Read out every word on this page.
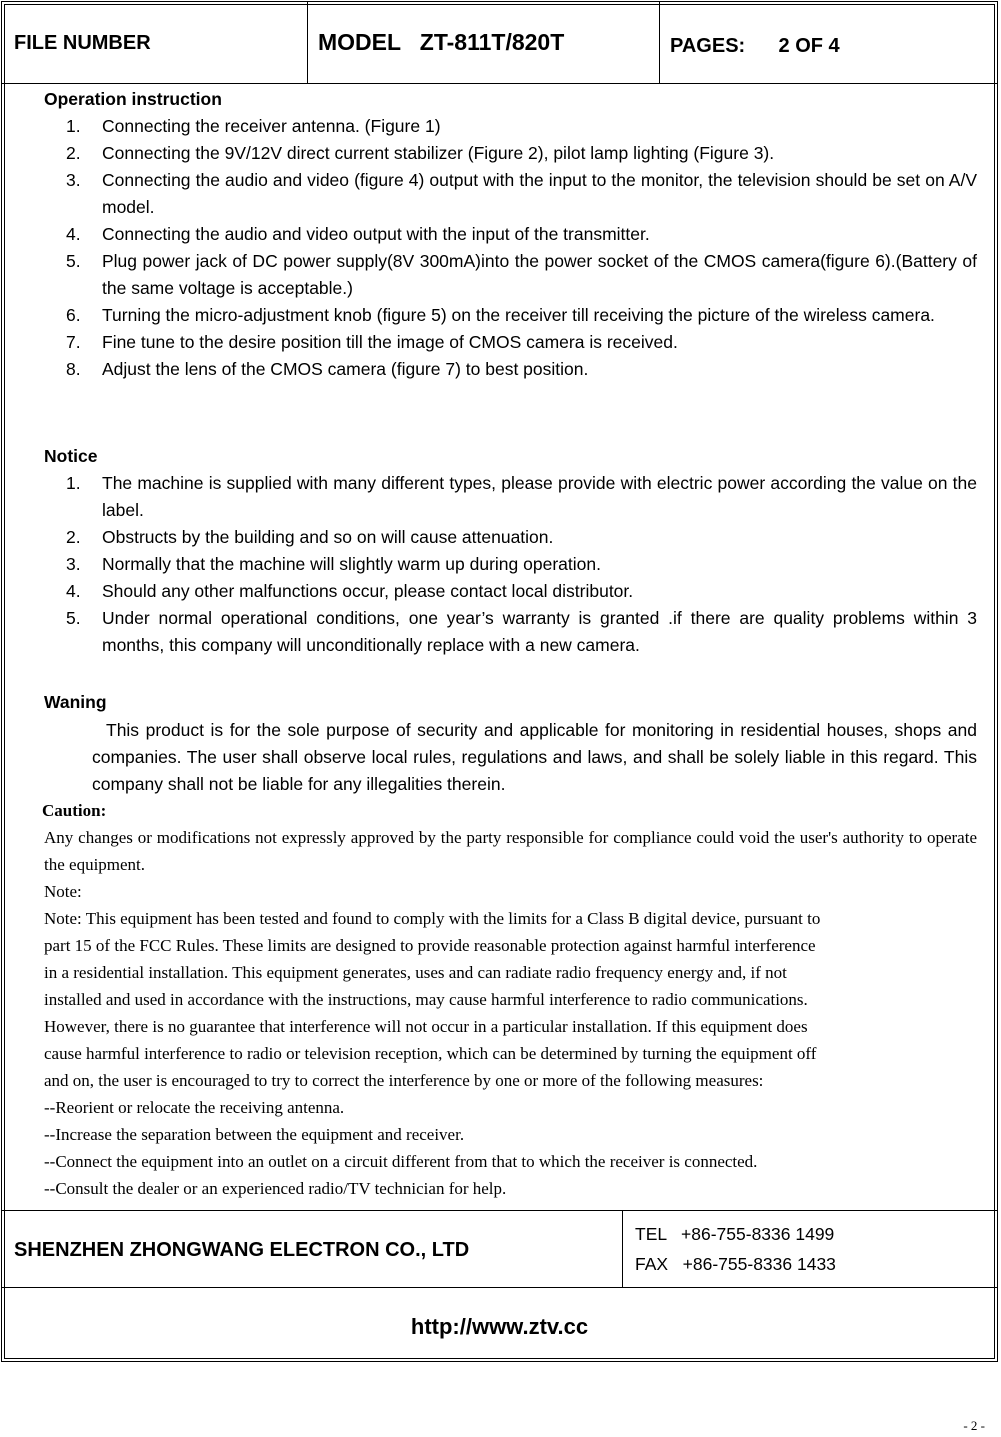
FILE NUMBER	MODEL   ZT-811T/820T	PAGES:      2 OF 4
Operation instruction
1. Connecting the receiver antenna. (Figure 1)
2. Connecting the 9V/12V direct current stabilizer (Figure 2), pilot lamp lighting (Figure 3).
3. Connecting the audio and video (figure 4) output with the input to the monitor, the television should be set on A/V model.
4. Connecting the audio and video output with the input of the transmitter.
5. Plug power jack of DC power supply(8V 300mA)into the power socket of the CMOS camera(figure 6).(Battery of the same voltage is acceptable.)
6. Turning the micro-adjustment knob (figure 5) on the receiver till receiving the picture of the wireless camera.
7. Fine tune to the desire position till the image of CMOS camera is received.
8. Adjust the lens of the CMOS camera (figure 7) to best position.
Notice
1. The machine is supplied with many different types, please provide with electric power according the value on the label.
2. Obstructs by the building and so on will cause attenuation.
3. Normally that the machine will slightly warm up during operation.
4. Should any other malfunctions occur, please contact local distributor.
5. Under normal operational conditions, one year’s warranty is granted .if there are quality problems within 3 months, this company will unconditionally replace with a new camera.
Waning
This product is for the sole purpose of security and applicable for monitoring in residential houses, shops and companies. The user shall observe local rules, regulations and laws, and shall be solely liable in this regard. This company shall not be liable for any illegalities therein.

Caution:

Any changes or modifications not expressly approved by the party responsible for compliance could void the user's authority to operate the equipment.

Note:

Note: This equipment has been tested and found to comply with the limits for a Class B digital device, pursuant to

part 15 of the FCC Rules. These limits are designed to provide reasonable protection against harmful interference

in a residential installation. This equipment generates, uses and can radiate radio frequency energy and, if not

installed and used in accordance with the instructions, may cause harmful interference to radio communications.

However, there is no guarantee that interference will not occur in a particular installation. If this equipment does

cause harmful interference to radio or television reception, which can be determined by turning the equipment off

and on, the user is encouraged to try to correct the interference by one or more of the following measures:

--Reorient or relocate the receiving antenna.

--Increase the separation between the equipment and receiver.

--Connect the equipment into an outlet on a circuit different from that to which the receiver is connected.

--Consult the dealer or an experienced radio/TV technician for help.

SHENZHEN ZHONGWANG ELECTRON CO., LTD
TEL   +86-755-8336 1499
FAX   +86-755-8336 1433
http://www.ztv.cc
- 2 -
